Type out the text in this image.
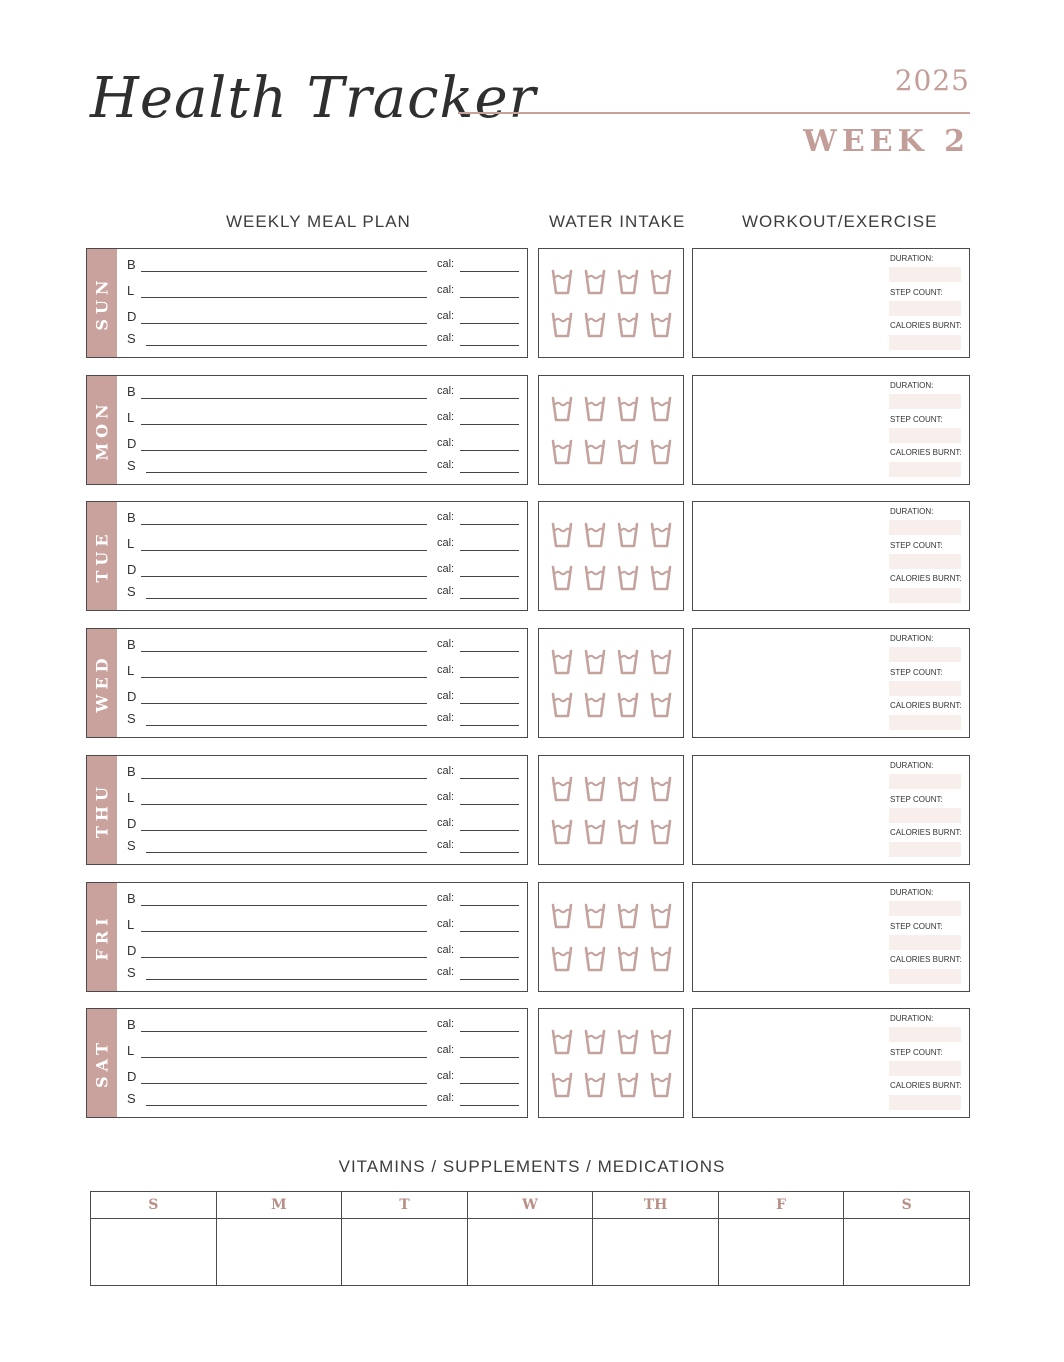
Health Tracker	2025
WEEK 2
WEEKLY MEAL PLAN	WATER INTAKE	WORKOUT/EXERCISE
SUN
B	cal:
L	cal:
D	cal:
S	cal:
DURATION:
STEP COUNT:
CALORIES BURNT:
MON
B	cal:
L	cal:
D	cal:
S	cal:
DURATION:
STEP COUNT:
CALORIES BURNT:
TUE
B	cal:
L	cal:
D	cal:
S	cal:
DURATION:
STEP COUNT:
CALORIES BURNT:
WED
B	cal:
L	cal:
D	cal:
S	cal:
DURATION:
STEP COUNT:
CALORIES BURNT:
THU
B	cal:
L	cal:
D	cal:
S	cal:
DURATION:
STEP COUNT:
CALORIES BURNT:
FRI
B	cal:
L	cal:
D	cal:
S	cal:
DURATION:
STEP COUNT:
CALORIES BURNT:
SAT
B	cal:
L	cal:
D	cal:
S	cal:
DURATION:
STEP COUNT:
CALORIES BURNT:
VITAMINS / SUPPLEMENTS / MEDICATIONS
S	M	T	W	TH	F	S
